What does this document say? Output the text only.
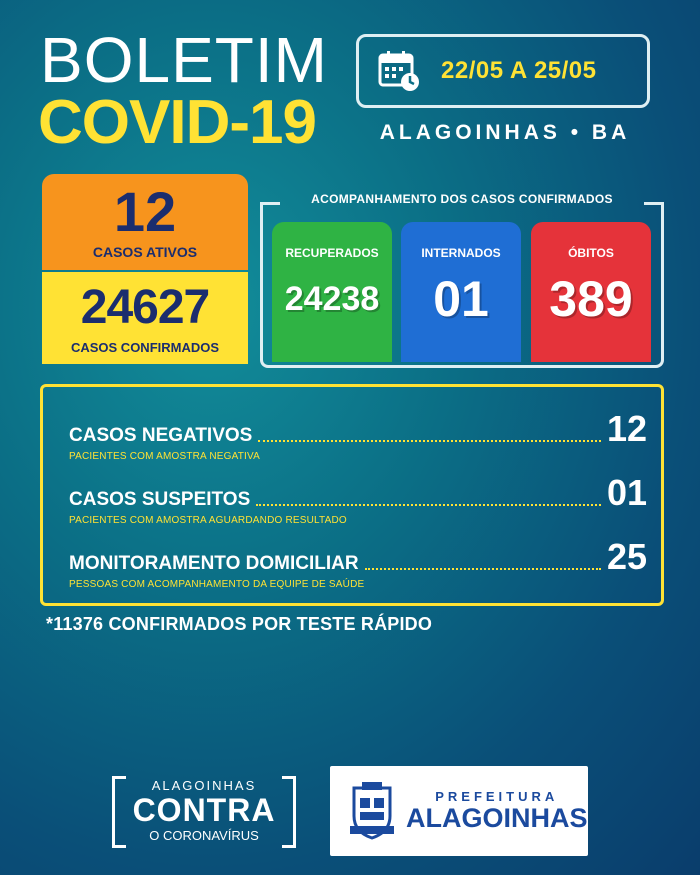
BOLETIM
COVID-19
22/05 A 25/05
ALAGOINHAS • BA
12
CASOS ATIVOS
24627
CASOS CONFIRMADOS
ACOMPANHAMENTO DOS CASOS CONFIRMADOS
RECUPERADOS
24238
INTERNADOS
01
ÓBITOS
389
CASOS NEGATIVOS	12
PACIENTES COM AMOSTRA NEGATIVA
CASOS SUSPEITOS	01
PACIENTES COM AMOSTRA AGUARDANDO RESULTADO
MONITORAMENTO DOMICILIAR	25
PESSOAS COM ACOMPANHAMENTO DA EQUIPE DE SAÚDE
*11376 CONFIRMADOS POR TESTE RÁPIDO
ALAGOINHAS
CONTRA
O CORONAVÍRUS
PREFEITURA
ALAGOINHAS
